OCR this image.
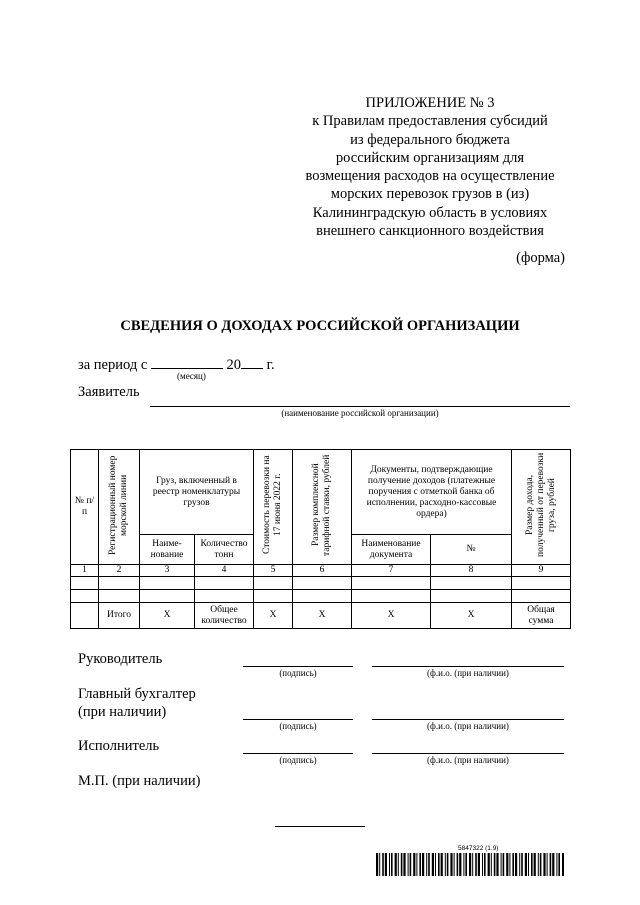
ПРИЛОЖЕНИЕ № 3
к Правилам предоставления субсидий
из федерального бюджета
российским организациям для
возмещения расходов на осуществление
морских перевозок грузов в (из)
Калининградскую область в условиях
внешнего санкционного воздействия
(форма)
СВЕДЕНИЯ О ДОХОДАХ РОССИЙСКОЙ ОРГАНИЗАЦИИ
за период с	20 г.
(месяц)
Заявитель
(наименование российской организации)
№ п/п	Регистрационный номер морской линии	Груз, включенный в реестр номенклатуры грузов		Стоимость перевозки на 17 июня 2022 г.	Размер комплексной тарифной ставки, рублей	Документы, подтверждающие получение доходов (платежные поручения с отметкой банка об исполнении, расходно-кассовые ордера)		Размер дохода, полученный от перевозки груза, рублей
		Наиме-нование	Количество тонн			Наименование документа	№	
1	2	3	4	5	6	7	8	9

	Итого	Х	Общее количество	Х	Х	Х	Х	Общая сумма
Руководитель
(подпись)	(ф.и.о. (при наличии)
Главный бухгалтер
(при наличии)
(подпись)	(ф.и.о. (при наличии)
Исполнитель
(подпись)	(ф.и.о. (при наличии)
М.П. (при наличии)
5847322 (1.9)
